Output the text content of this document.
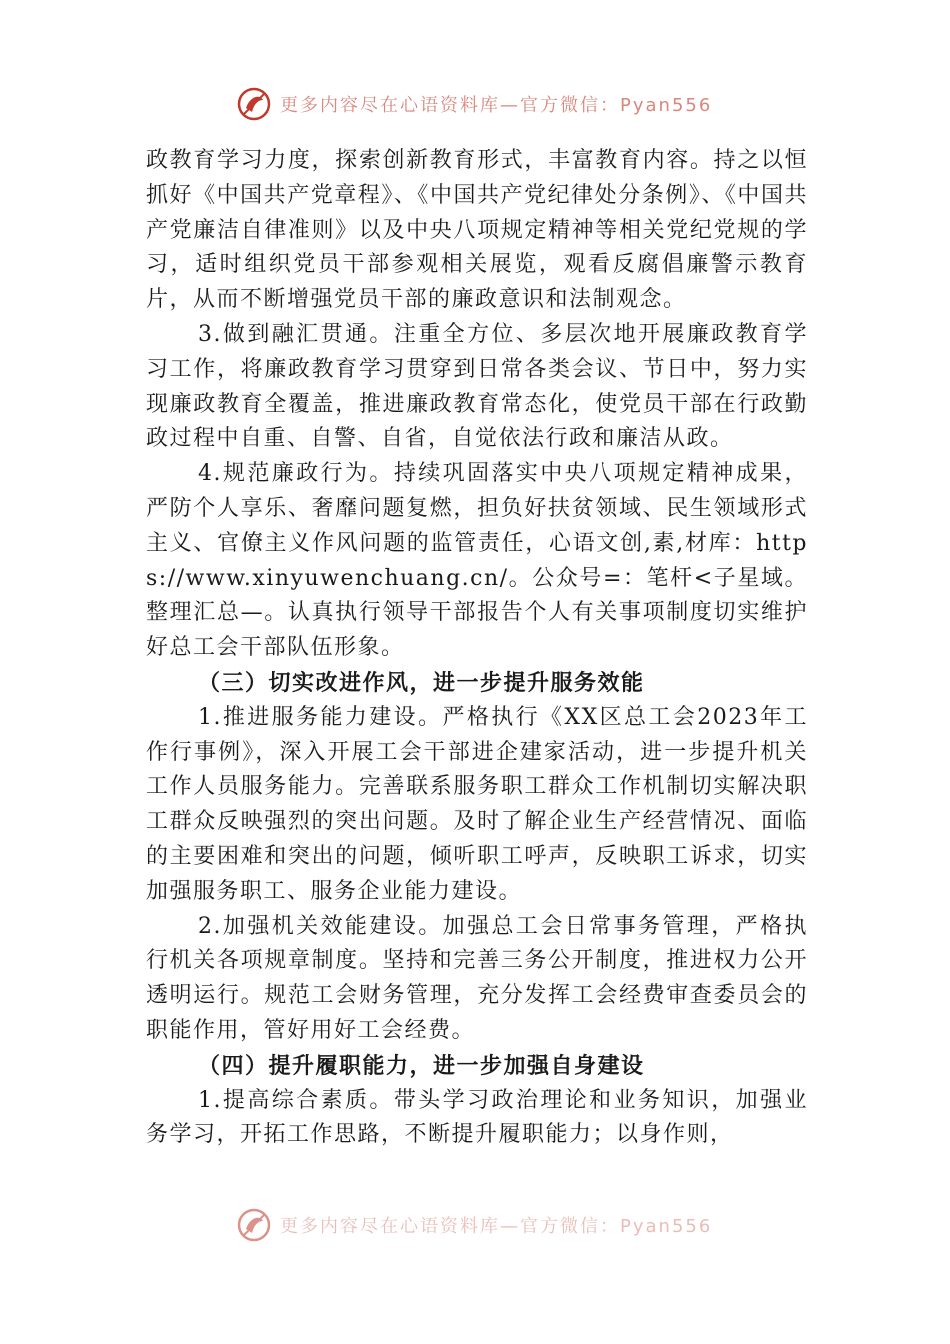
更多内容尽在心语资料库—官方微信：Pyan556

政教育学习力度，探索创新教育形式，丰富教育内容。持之以恒抓好《中国共产党章程》、《中国共产党纪律处分条例》、《中国共产党廉洁自律准则》以及中央八项规定精神等相关党纪党规的学习，适时组织党员干部参观相关展览，观看反腐倡廉警示教育片，从而不断增强党员干部的廉政意识和法制观念。

3.做到融汇贯通。注重全方位、多层次地开展廉政教育学习工作，将廉政教育学习贯穿到日常各类会议、节日中，努力实现廉政教育全覆盖，推进廉政教育常态化，使党员干部在行政勤政过程中自重、自警、自省，自觉依法行政和廉洁从政。

4.规范廉政行为。持续巩固落实中央八项规定精神成果，严防个人享乐、奢靡问题复燃，担负好扶贫领域、民生领域形式主义、官僚主义作风问题的监管责任，心语文创,素,材库：https://www.xinyuwenchuang.cn/。公众号=：笔杆<子星域。整理汇总—。认真执行领导干部报告个人有关事项制度切实维护好总工会干部队伍形象。

（三）切实改进作风，进一步提升服务效能

1.推进服务能力建设。严格执行《XX区总工会2023年工作行事例》，深入开展工会干部进企建家活动，进一步提升机关工作人员服务能力。完善联系服务职工群众工作机制切实解决职工群众反映强烈的突出问题。及时了解企业生产经营情况、面临的主要困难和突出的问题，倾听职工呼声，反映职工诉求，切实加强服务职工、服务企业能力建设。

2.加强机关效能建设。加强总工会日常事务管理，严格执行机关各项规章制度。坚持和完善三务公开制度，推进权力公开透明运行。规范工会财务管理，充分发挥工会经费审查委员会的职能作用，管好用好工会经费。

（四）提升履职能力，进一步加强自身建设

1.提高综合素质。带头学习政治理论和业务知识，加强业务学习，开拓工作思路，不断提升履职能力；以身作则，

更多内容尽在心语资料库—官方微信：Pyan556
